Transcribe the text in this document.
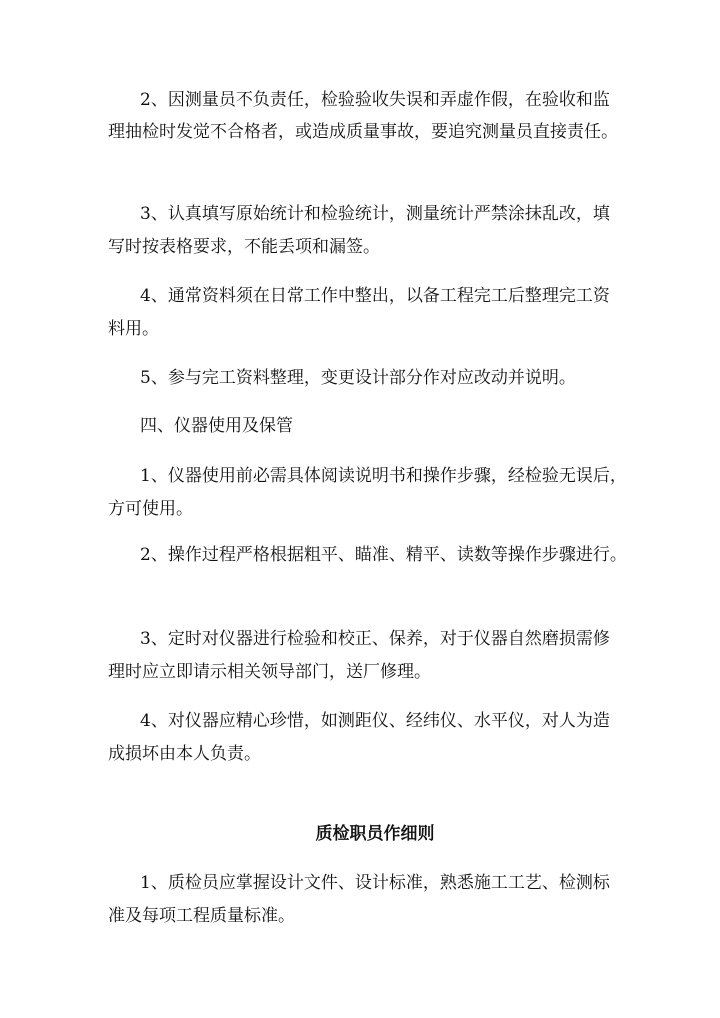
2、因测量员不负责任，检验验收失误和弄虚作假，在验收和监
理抽检时发觉不合格者，或造成质量事故，要追究测量员直接责任。
3、认真填写原始统计和检验统计，测量统计严禁涂抹乱改，填
写时按表格要求，不能丢项和漏签。
4、通常资料须在日常工作中整出，以备工程完工后整理完工资
料用。
5、参与完工资料整理，变更设计部分作对应改动并说明。
四、仪器使用及保管
1、仪器使用前必需具体阅读说明书和操作步骤，经检验无误后，
方可使用。
2、操作过程严格根据粗平、瞄准、精平、读数等操作步骤进行。
3、定时对仪器进行检验和校正、保养，对于仪器自然磨损需修
理时应立即请示相关领导部门，送厂修理。
4、对仪器应精心珍惜，如测距仪、经纬仪、水平仪，对人为造
成损坏由本人负责。
质检职员作细则
1、质检员应掌握设计文件、设计标准，熟悉施工工艺、检测标
准及每项工程质量标准。
